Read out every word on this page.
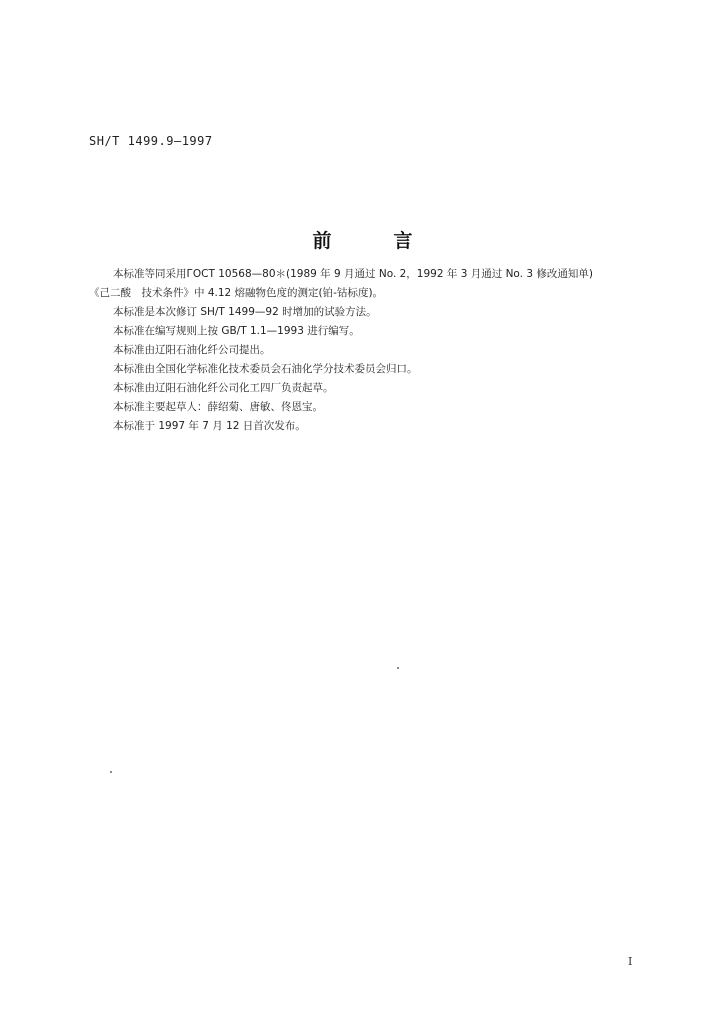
SH/T 1499.9—1997
前	言

本标准等同采用ГОСТ 10568—80＊(1989 年 9 月通过 No. 2，1992 年 3 月通过 No. 3 修改通知单)

《己二酸　技术条件》中 4.12 熔融物色度的测定(铂-钴标度)。

本标准是本次修订 SH/T 1499—92 时增加的试验方法。

本标准在编写规则上按 GB/T 1.1—1993 进行编写。

本标准由辽阳石油化纤公司提出。

本标准由全国化学标准化技术委员会石油化学分技术委员会归口。

本标准由辽阳石油化纤公司化工四厂负责起草。

本标准主要起草人：薛绍菊、唐敏、佟恩宝。

本标准于 1997 年 7 月 12 日首次发布。

I
